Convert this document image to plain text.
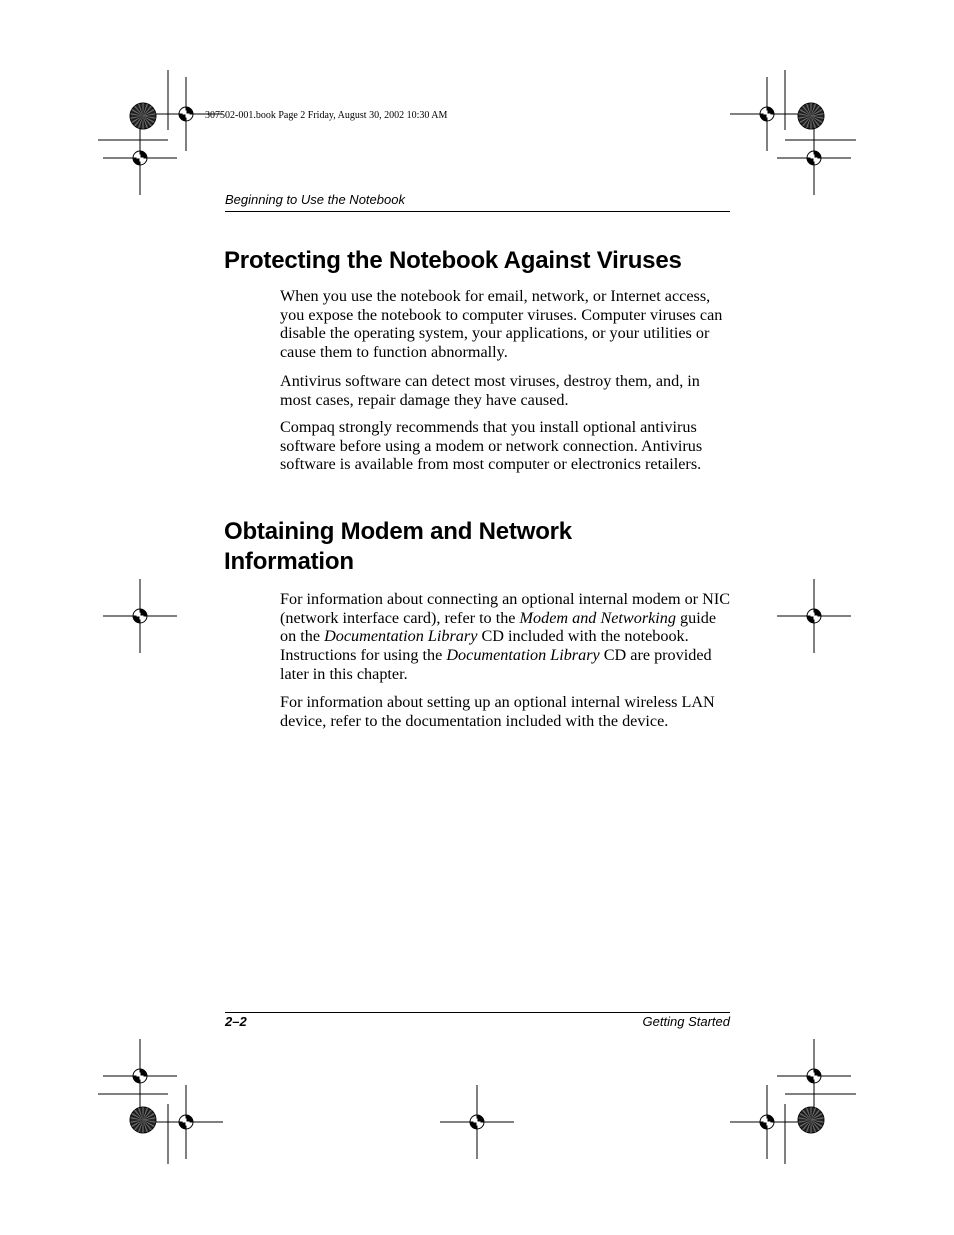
307502-001.book Page 2 Friday, August 30, 2002 10:30 AM
Beginning to Use the Notebook
Protecting the Notebook Against Viruses

When you use the notebook for email, network, or Internet access, you expose the notebook to computer viruses. Computer viruses can disable the operating system, your applications, or your utilities or cause them to function abnormally.

Antivirus software can detect most viruses, destroy them, and, in most cases, repair damage they have caused.

Compaq strongly recommends that you install optional antivirus software before using a modem or network connection. Antivirus software is available from most computer or electronics retailers.

Obtaining Modem and Network Information

For information about connecting an optional internal modem or NIC (network interface card), refer to the Modem and Networking guide on the Documentation Library CD included with the notebook. Instructions for using the Documentation Library CD are provided later in this chapter.

For information about setting up an optional internal wireless LAN device, refer to the documentation included with the device.

2–2	Getting Started
